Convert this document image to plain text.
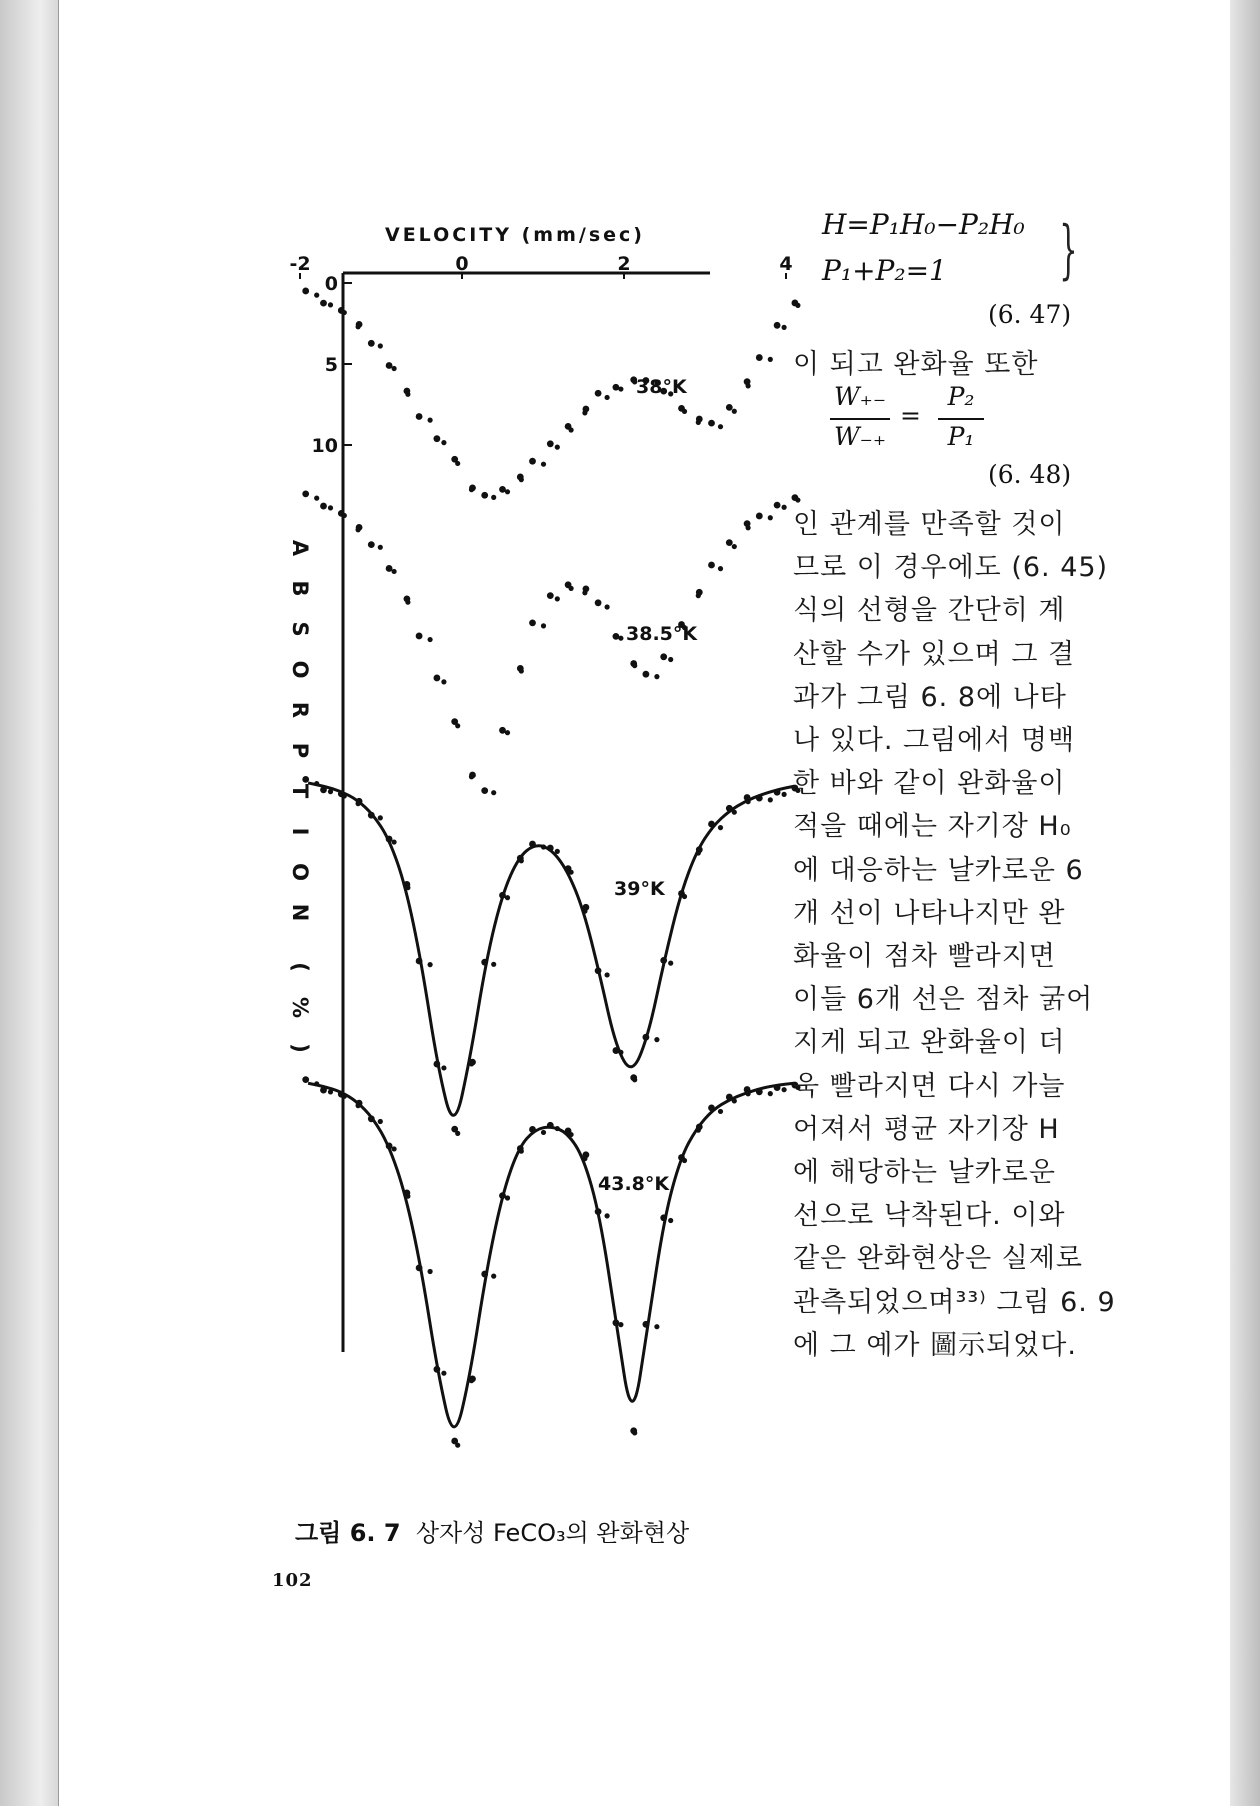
VELOCITY (mm/sec)
-2	0	2	4
0
5
10
A
B
S
O
R
P
T
I
O
N
(
%
)
38°K
38.5°K
39°K
43.8°K
H=P₁H₀−P₂H₀
P₁+P₂=1 }
(6. 47)
이 되고 완화율 또한
W₊₋
W₋₊
=
P₂
P₁
(6. 48)
인 관계를 만족할 것이
므로 이 경우에도 (6. 45)
식의 선형을 간단히 계
산할 수가 있으며 그 결
과가 그림 6. 8에 나타
나 있다. 그림에서 명백
한 바와 같이 완화율이
적을 때에는 자기장 H₀
에 대응하는 날카로운 6
개 선이 나타나지만 완
화율이 점차 빨라지면
이들 6개 선은 점차 굵어
지게 되고 완화율이 더
욱 빨라지면 다시 가늘
어져서 평균 자기장 H
에 해당하는 날카로운
선으로 낙착된다. 이와
같은 완화현상은 실제로
관측되었으며³³⁾ 그림 6. 9
에 그 예가 圖示되었다.
그림 6. 7 상자성 FeCO₃의 완화현상
102
